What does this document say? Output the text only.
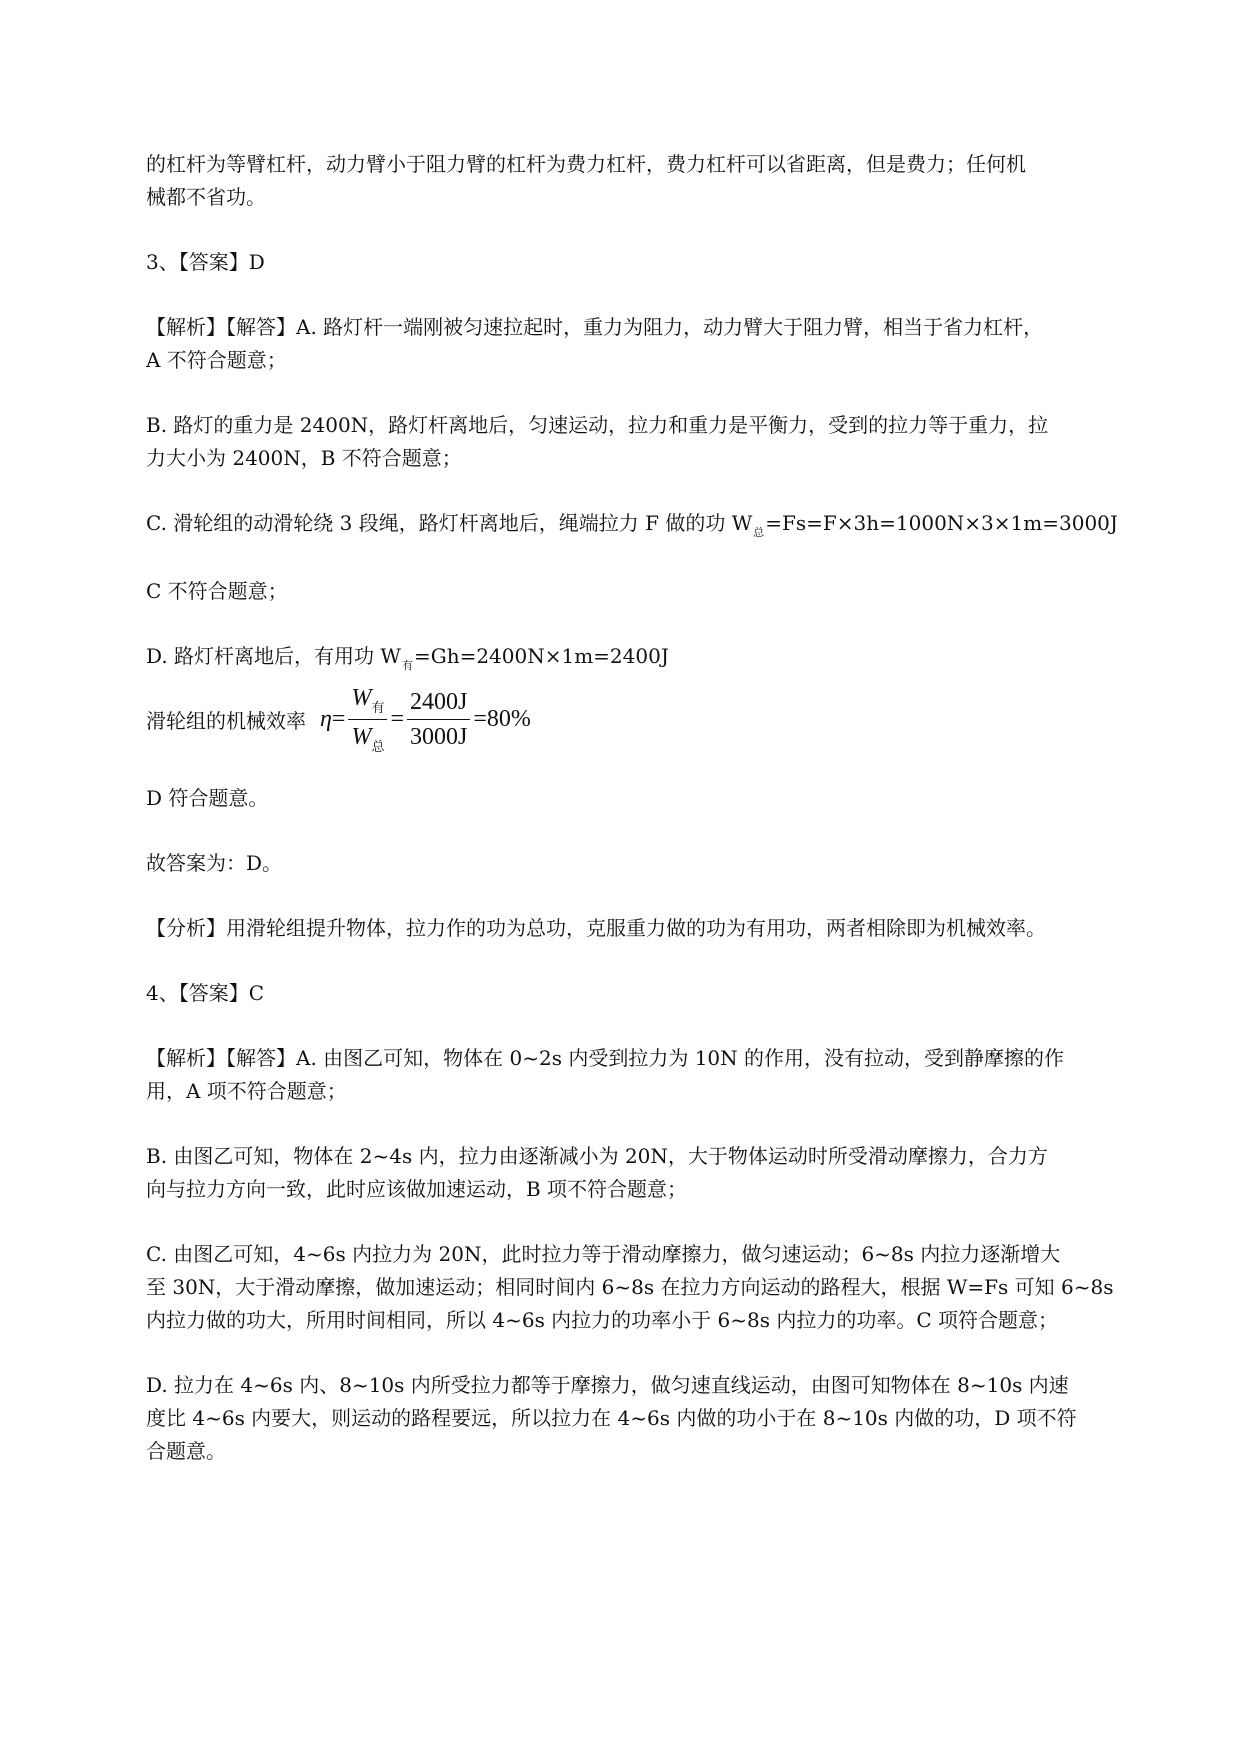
的杠杆为等臂杠杆，动力臂小于阻力臂的杠杆为费力杠杆，费力杠杆可以省距离，但是费力；任何机

械都不省功。

3、【答案】D

【解析】【解答】A. 路灯杆一端刚被匀速拉起时，重力为阻力，动力臂大于阻力臂，相当于省力杠杆，

A 不符合题意；

B. 路灯的重力是 2400N，路灯杆离地后，匀速运动，拉力和重力是平衡力，受到的拉力等于重力，拉

力大小为 2400N，B 不符合题意；

C. 滑轮组的动滑轮绕 3 段绳，路灯杆离地后，绳端拉力 F 做的功 $W_总=Fs=F\times 3h=1000N\times 3\times 1m=3000J$

C 不符合题意；

D. 路灯杆离地后，有用功 $W_有=Gh=2400N\times 1m=2400J$

滑轮组的机械效率 $\eta = \frac{W_有}{W_总} = \frac{2400J}{3000J} =80\%$

D 符合题意。

故答案为：D。

【分析】用滑轮组提升物体，拉力作的功为总功，克服重力做的功为有用功，两者相除即为机械效率。

4、【答案】C

【解析】【解答】A. 由图乙可知，物体在 0~2s 内受到拉力为 10N 的作用，没有拉动，受到静摩擦的作

用，A 项不符合题意；

B. 由图乙可知，物体在 2~4s 内，拉力由逐渐减小为 20N，大于物体运动时所受滑动摩擦力，合力方

向与拉力方向一致，此时应该做加速运动，B 项不符合题意；

C. 由图乙可知，4~6s 内拉力为 20N，此时拉力等于滑动摩擦力，做匀速运动；6~8s 内拉力逐渐增大

至 30N，大于滑动摩擦，做加速运动；相同时间内 6~8s 在拉力方向运动的路程大，根据 W=Fs 可知 6~8s

内拉力做的功大，所用时间相同，所以 4~6s 内拉力的功率小于 6~8s 内拉力的功率。C 项符合题意；

D. 拉力在 4~6s 内、8~10s 内所受拉力都等于摩擦力，做匀速直线运动，由图可知物体在 8~10s 内速

度比 4~6s 内要大，则运动的路程要远，所以拉力在 4~6s 内做的功小于在 8~10s 内做的功，D 项不符

合题意。
